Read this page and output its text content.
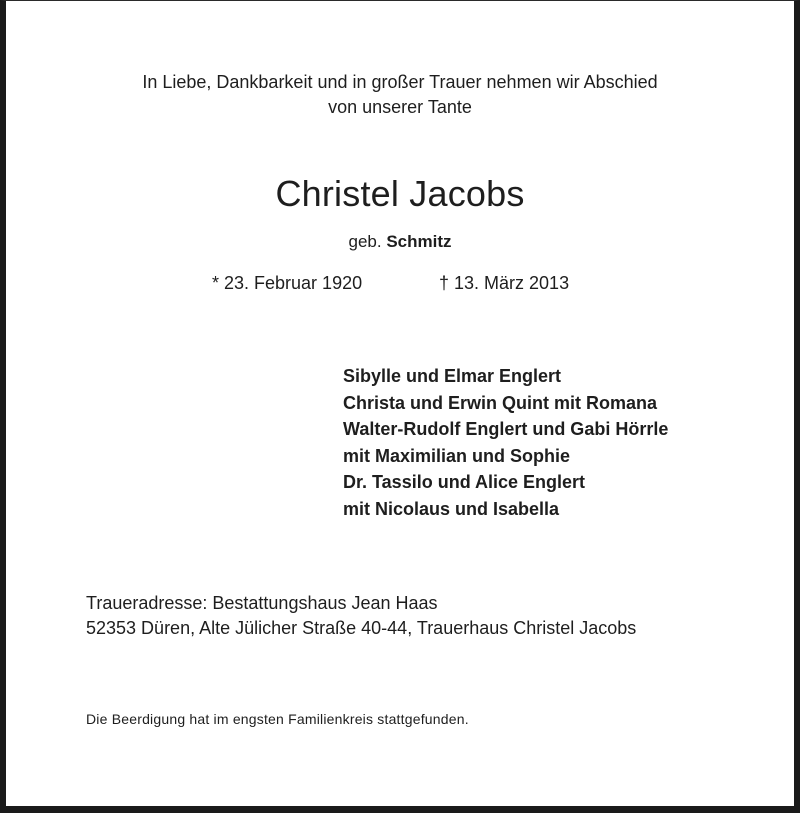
In Liebe, Dankbarkeit und in großer Trauer nehmen wir Abschied
von unserer Tante
Christel Jacobs
geb. Schmitz
* 23. Februar 1920	† 13. März 2013
Sibylle und Elmar Englert
Christa und Erwin Quint mit Romana
Walter-Rudolf Englert und Gabi Hörrle
mit Maximilian und Sophie
Dr. Tassilo und Alice Englert
mit Nicolaus und Isabella
Traueradresse: Bestattungshaus Jean Haas
52353 Düren, Alte Jülicher Straße 40-44, Trauerhaus Christel Jacobs
Die Beerdigung hat im engsten Familienkreis stattgefunden.
